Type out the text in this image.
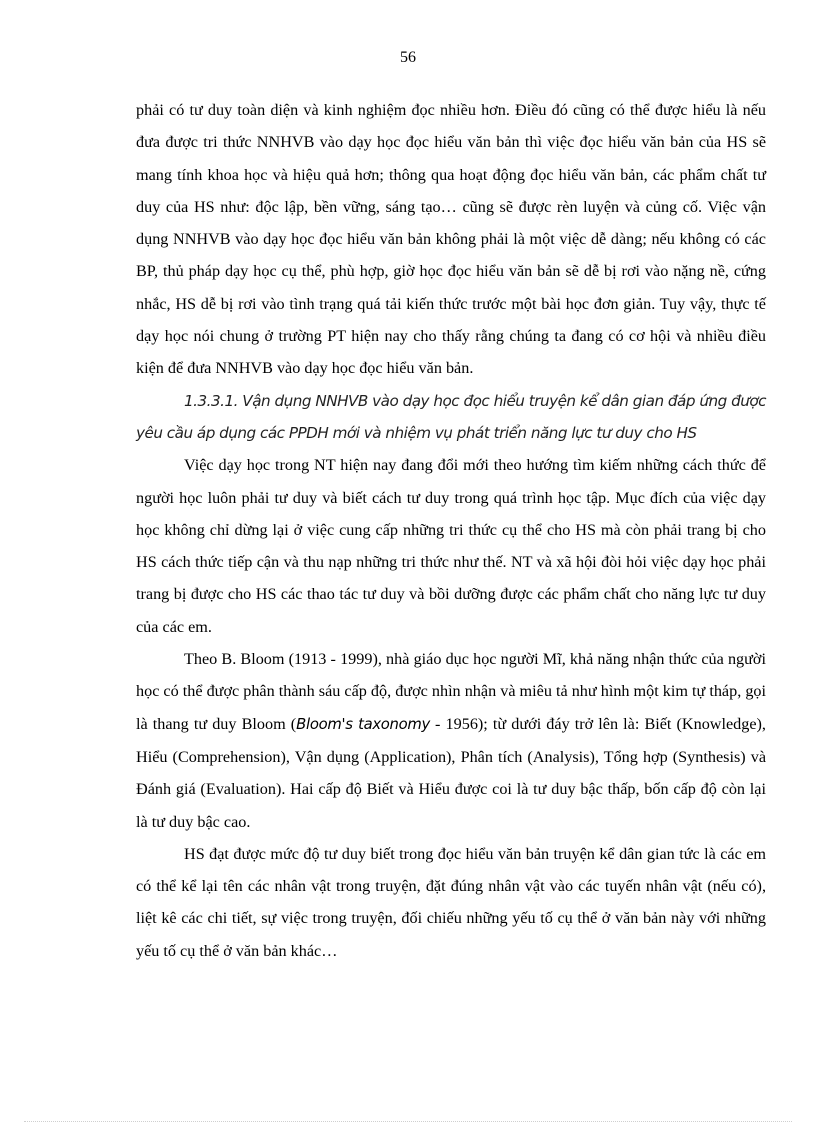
56

phải có tư duy toàn diện và kinh nghiệm đọc nhiều hơn. Điều đó cũng có thể được hiểu là nếu đưa được tri thức NNHVB vào dạy học đọc hiểu văn bản thì việc đọc hiểu văn bản của HS sẽ mang tính khoa học và hiệu quả hơn; thông qua hoạt động đọc hiểu văn bản, các phẩm chất tư duy của HS như: độc lập, bền vững, sáng tạo… cũng sẽ được rèn luyện và củng cố. Việc vận dụng NNHVB vào dạy học đọc hiểu văn bản không phải là một việc dễ dàng; nếu không có các BP, thủ pháp dạy học cụ thể, phù hợp, giờ học đọc hiểu văn bản sẽ dễ bị rơi vào nặng nề, cứng nhắc, HS dễ bị rơi vào tình trạng quá tải kiến thức trước một bài học đơn giản. Tuy vậy, thực tế dạy học nói chung ở trường PT hiện nay cho thấy rằng chúng ta đang có cơ hội và nhiều điều kiện để đưa NNHVB vào dạy học đọc hiểu văn bản.

1.3.3.1. Vận dụng NNHVB vào dạy học đọc hiểu truyện kể dân gian đáp ứng được yêu cầu áp dụng các PPDH mới và nhiệm vụ phát triển năng lực tư duy cho HS

Việc dạy học trong NT hiện nay đang đổi mới theo hướng tìm kiếm những cách thức để người học luôn phải tư duy và biết cách tư duy trong quá trình học tập. Mục đích của việc dạy học không chỉ dừng lại ở việc cung cấp những tri thức cụ thể cho HS mà còn phải trang bị cho HS cách thức tiếp cận và thu nạp những tri thức như thế. NT và xã hội đòi hỏi việc dạy học phải trang bị được cho HS các thao tác tư duy và bồi dưỡng được các phẩm chất cho năng lực tư duy của các em.

Theo B. Bloom (1913 - 1999), nhà giáo dục học người Mĩ, khả năng nhận thức của người học có thể được phân thành sáu cấp độ, được nhìn nhận và miêu tả như hình một kim tự tháp, gọi là thang tư duy Bloom (Bloom's taxonomy - 1956); từ dưới đáy trở lên là: Biết (Knowledge), Hiểu (Comprehension), Vận dụng (Application), Phân tích (Analysis), Tổng hợp (Synthesis) và Đánh giá (Evaluation). Hai cấp độ Biết và Hiểu được coi là tư duy bậc thấp, bốn cấp độ còn lại là tư duy bậc cao.

HS đạt được mức độ tư duy biết trong đọc hiểu văn bản truyện kể dân gian tức là các em có thể kể lại tên các nhân vật trong truyện, đặt đúng nhân vật vào các tuyến nhân vật (nếu có), liệt kê các chi tiết, sự việc trong truyện, đối chiếu những yếu tố cụ thể ở văn bản này với những yếu tố cụ thể ở văn bản khác…
